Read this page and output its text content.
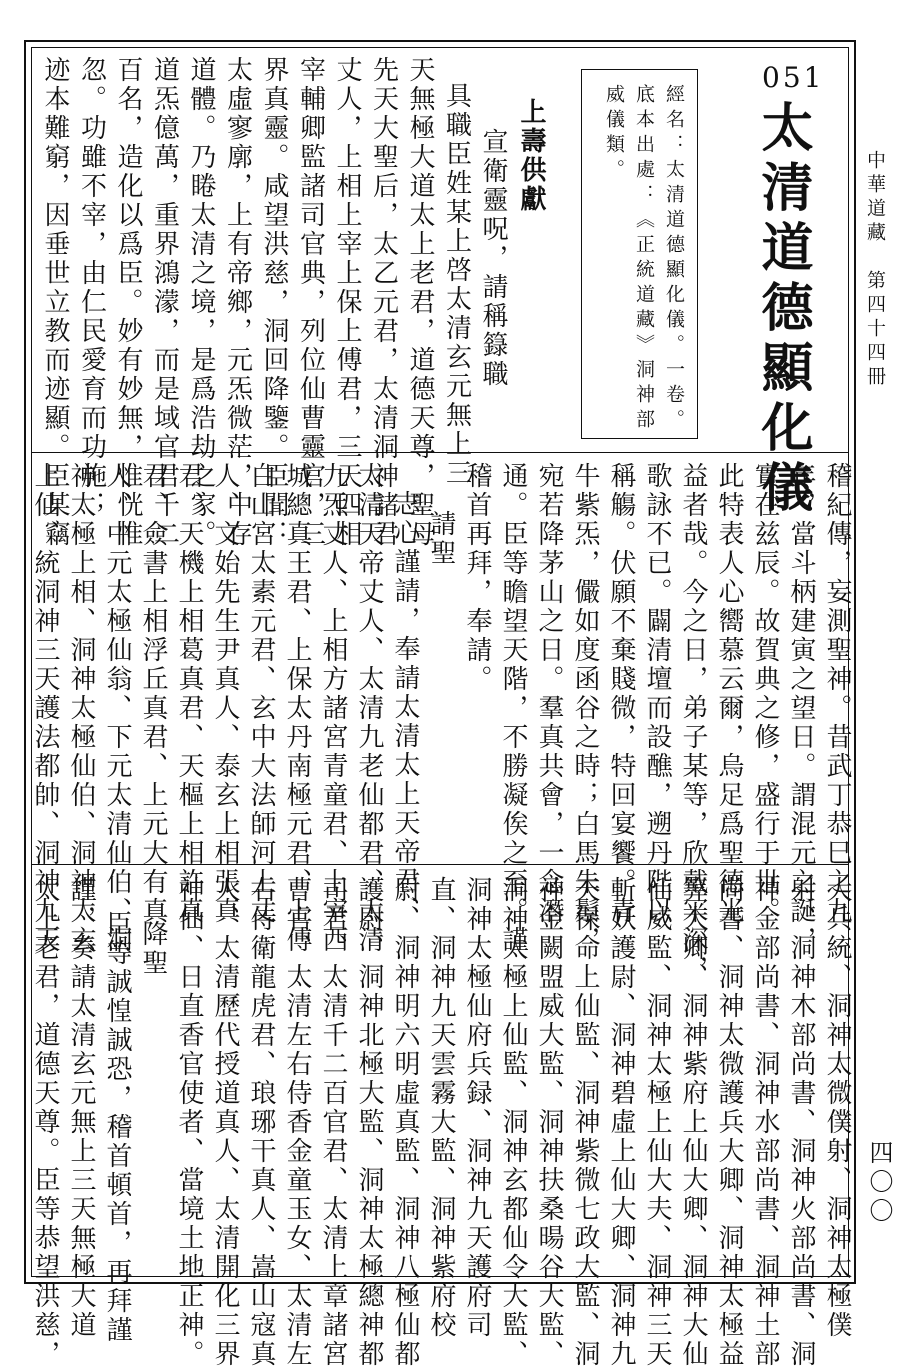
中華道藏　第四十四冊
四〇〇
051
太清道德顯化儀
經名：太清道德顯化儀。一卷。
底本出處：《正統道藏》洞神部
威儀類。
上壽供獻
宣衛靈呪，請稱籙職
具職臣姓某上啓太清玄元無上三
天無極大道太上老君，道德天尊，聖母
先天大聖后，太乙元君，太清洞神諸君
丈人，上相上宰上保上傅君，三天四相
宰輔卿監諸司官典，列位仙曹靈官，三
界真靈。咸望洪慈，洞回降鑒。臣聞：
太虛寥廓，上有帝鄉，元炁微茫，中存
道體。乃睠太清之境，是爲浩劫之家。
道炁億萬，重界鴻濛，而是域官君千二
百名，造化以爲臣。妙有妙無，惟恍惟
忽。功雖不宰，由仁民愛育而功施；
迹本難窮，因垂世立教而迹顯。臣某竊
稽紀傳，妄測聖神。昔武丁恭巳之九
年，當斗柄建寅之望日。謂混元之誕，
實在兹辰。故賀典之修，盛行于世。
此特表人心嚮慕云爾，烏足爲聖德光
益者哉。今之日，弟子某等，欣戴冞深，
歌詠不已。闢清壇而設醮，遡丹陛以
稱觴。伏願不棄賤微，特回宴饗。青
牛紫炁，儼如度函谷之時；白馬朱鬃，
宛若降茅山之日。羣真共會，一念潛
通。臣等瞻望天階，不勝凝俟之至。謹
稽首再拜，奉請。
請聖
志心謹請，奉請太清太上天帝君、
太清天帝丈人、太清九老仙都君、太清
九炁丈人、上相方諸宮青童君、上宰西
城總真王君、上保太丹南極元君、上傅
白山宮太素元君、玄中大法師河上丈
人、文始先生尹真人、泰玄上相張真
君、天機上相葛真君、天樞上相許真
君、僉書上相浮丘真君、上元大有真
人、中元太極仙翁、下元太清仙伯、洞
神太極上相、洞神太極仙伯、洞神太玄
上仙、統洞神三天護法都帥、洞神九天
大兵統、洞神太微僕射、洞神太極僕
射、洞神木部尚書、洞神火部尚書、洞
神金部尚書、洞神水部尚書、洞神土部
尚書、洞神太微護兵大卿、洞神太極益
筭大卿、洞神紫府上仙大卿、洞神大仙
仙威監、洞神太極上仙大夫、洞神三天
斬妖護尉、洞神碧虛上仙大卿、洞神九
天保命上仙監、洞神紫微七政大監、洞
神金闕盟威大監、洞神扶桑暘谷大監、
洞神太極上仙監、洞神玄都仙令大監、
洞神太極仙府兵録、洞神九天護府司
直、洞神九天雲霧大監、洞神紫府校
尉、洞神明六明虛真監、洞神八極仙都
護尉、洞神北極大監、洞神太極總神都
司君、太清千二百官君、太清上章諸宮
曹官、太清左右侍香金童玉女、太清左
右侍衛龍虎君、琅琊干真人、嵩山寇真
人、太清歷代授道真人、太清開化三界
神仙、日直香官使者、當境土地正神。
降聖
臣等誠惶誠恐，稽首頓首，再拜謹
謹，奏請太清玄元無上三天無極大道
太上老君，道德天尊。臣等恭望洪慈，
